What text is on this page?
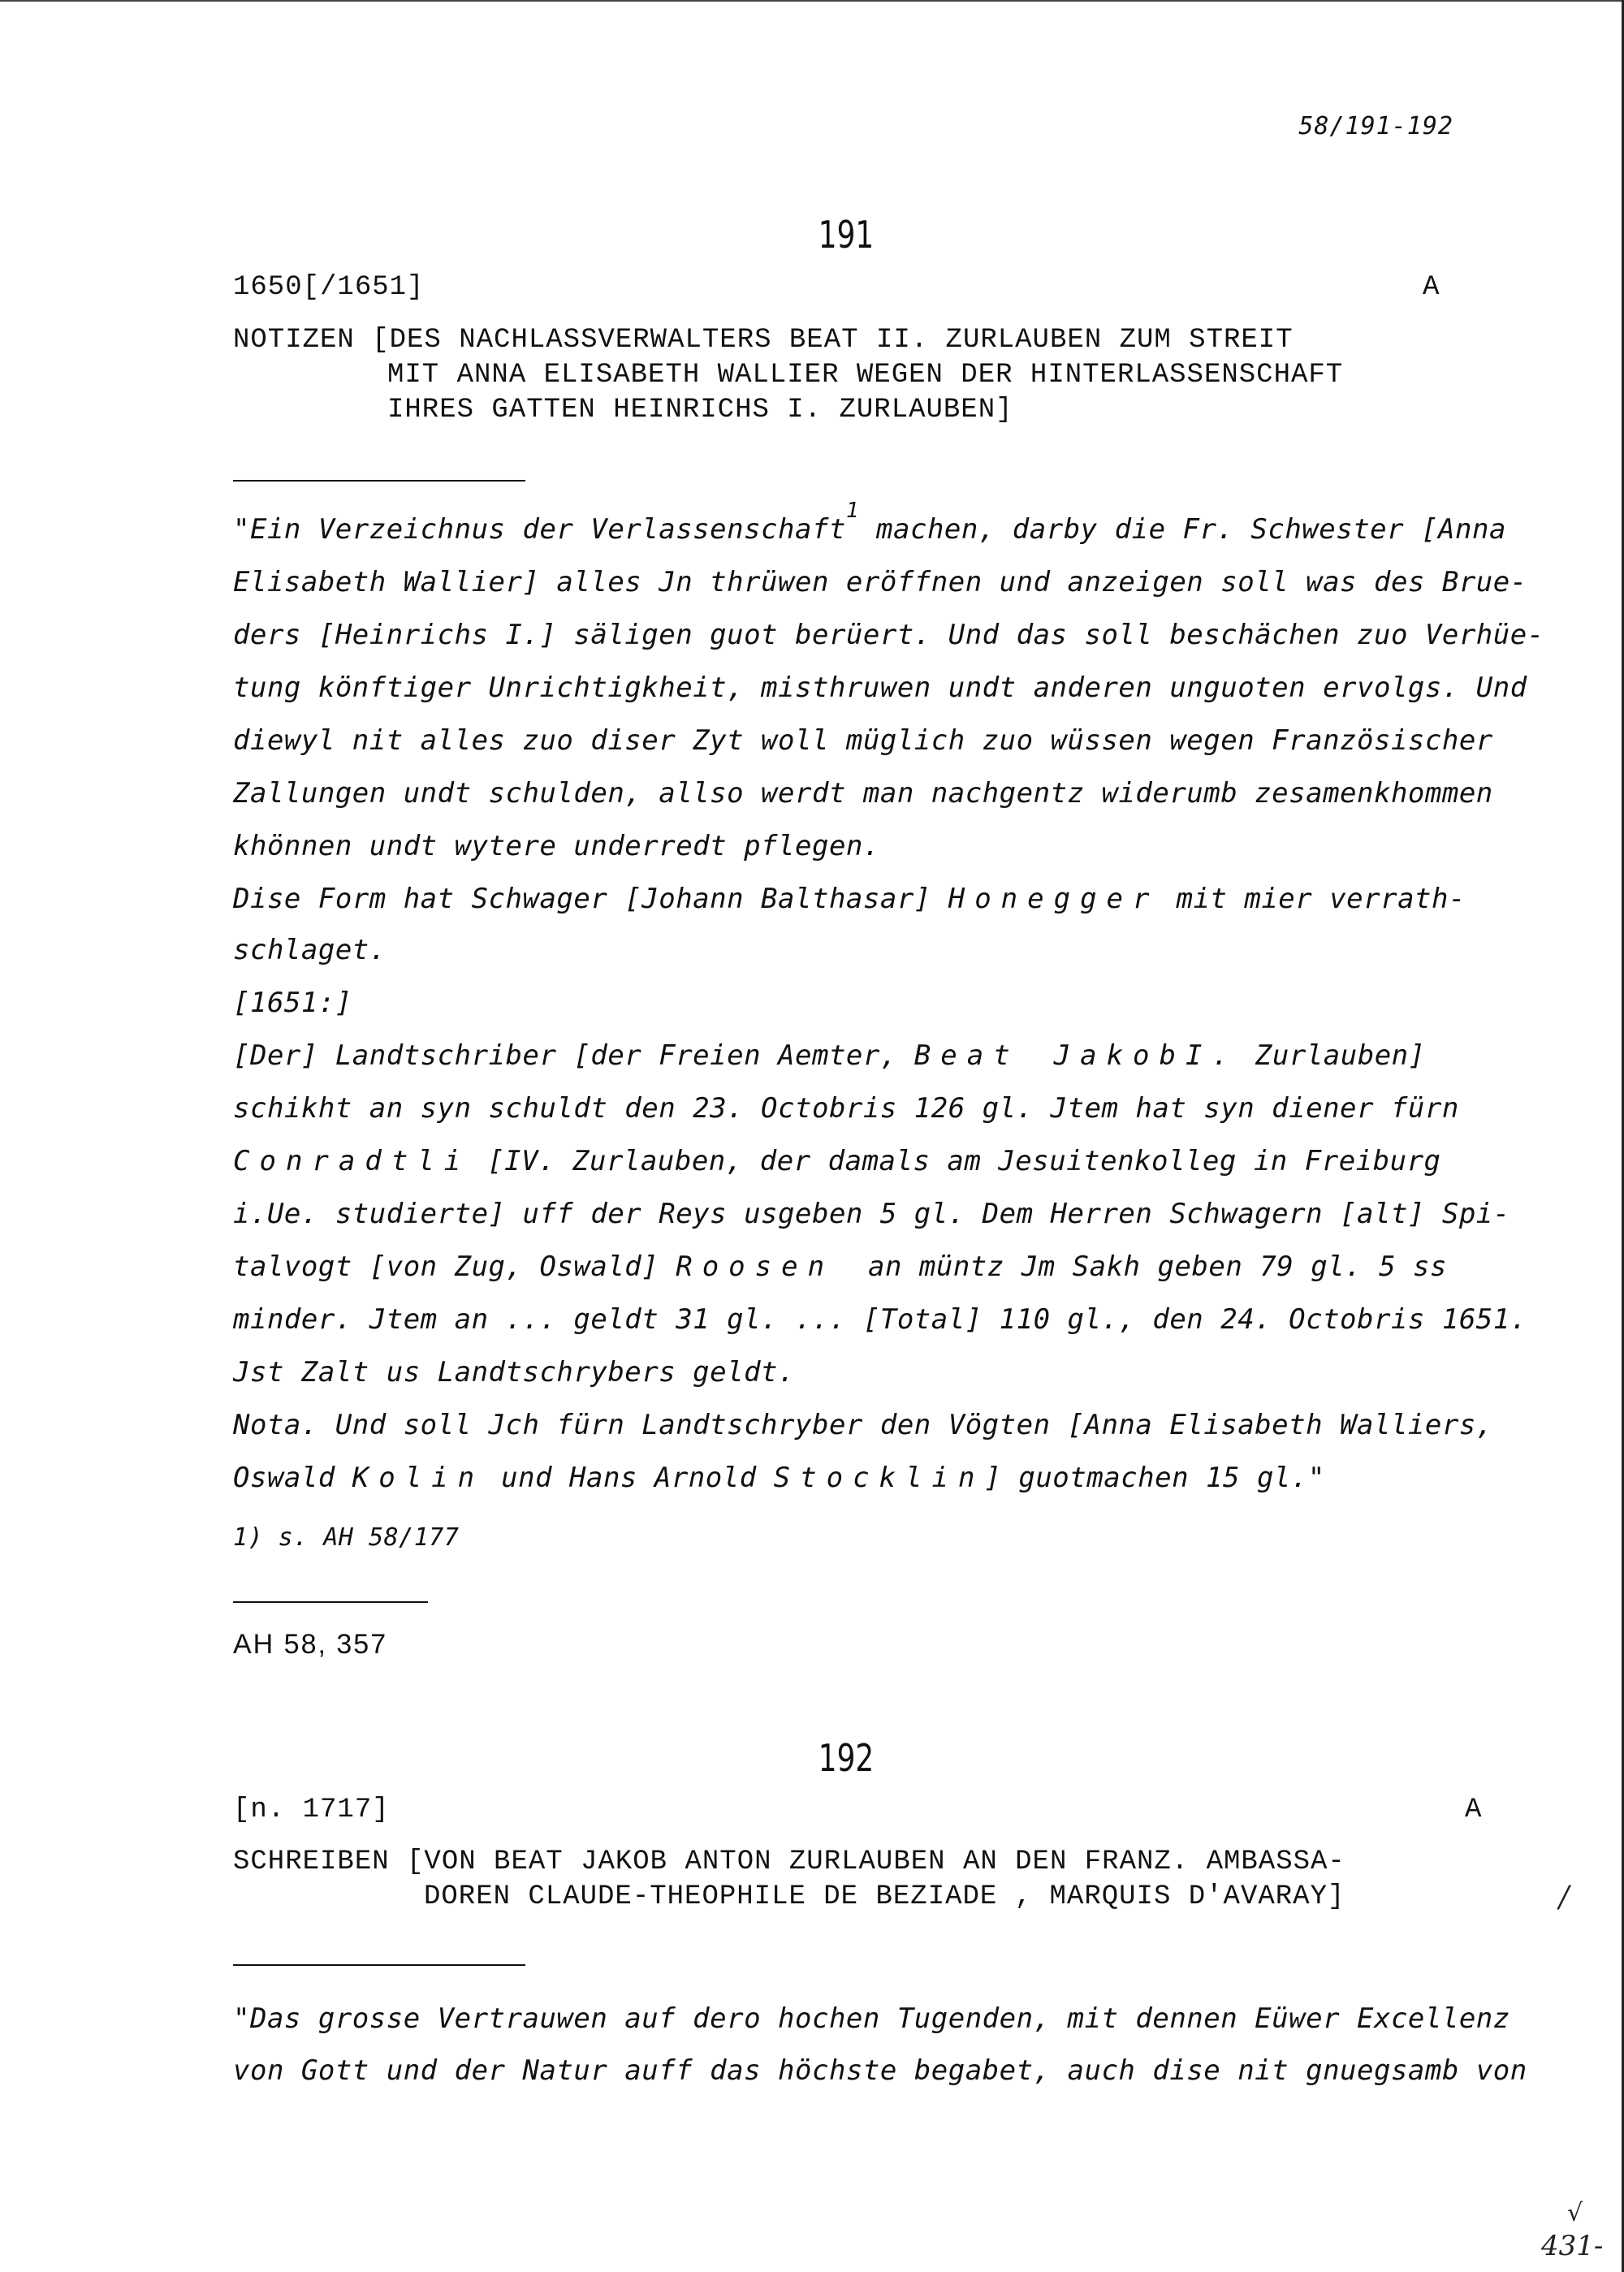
58/191-192
191
1650[/1651]	A
NOTIZEN [DES NACHLASSVERWALTERS BEAT II. ZURLAUBEN ZUM STREIT
MIT ANNA ELISABETH WALLIER WEGEN DER HINTERLASSENSCHAFT
IHRES GATTEN HEINRICHS I. ZURLAUBEN]
"Ein Verzeichnus der Verlassenschaft$^1$ machen, darby die Fr. Schwester [Anna
Elisabeth Wallier] alles Jn thrüwen eröffnen und anzeigen soll was des Brue-
ders [Heinrichs I.] säligen guot berüert. Und das soll beschächen zuo Verhüe-
tung könftiger Unrichtigkheit, misthruwen undt anderen unguoten ervolgs. Und
diewyl nit alles zuo diser Zyt woll müglich zuo wüssen wegen Französischer
Zallungen undt schulden, allso werdt man nachgentz widerumb zesamenkhommen
khönnen undt wytere underredt pflegen.
Dise Form hat Schwager [Johann Balthasar] Honegger mit mier verrath-
schlaget.
[1651:]
[Der] Landtschriber [der Freien Aemter, Beat JakobI. Zurlauben]
schikht an syn schuldt den 23. Octobris 126 gl. Jtem hat syn diener fürn
Conradtli [IV. Zurlauben, der damals am Jesuitenkolleg in Freiburg
i.Ue. studierte] uff der Reys usgeben 5 gl. Dem Herren Schwagern [alt] Spi-
talvogt [von Zug, Oswald] Roosen  an müntz Jm Sakh geben 79 gl. 5 ss
minder. Jtem an ... geldt 31 gl. ... [Total] 110 gl., den 24. Octobris 1651.
Jst Zalt us Landtschrybers geldt.
Nota. Und soll Jch fürn Landtschryber den Vögten [Anna Elisabeth Walliers,
Oswald Kolin und Hans Arnold Stocklin] guotmachen 15 gl."
1) s. AH 58/177
AH 58, 357
192
[n. 1717]	A
SCHREIBEN [VON BEAT JAKOB ANTON ZURLAUBEN AN DEN FRANZ. AMBASSA-
DOREN CLAUDE-THEOPHILE DE BEZIADE , MARQUIS D'AVARAY]
"Das grosse Vertrauwen auf dero hochen Tugenden, mit dennen Eüwer Excellenz
von Gott und der Natur auff das höchste begabet, auch dise nit gnuegsamb von
/
√
431-
